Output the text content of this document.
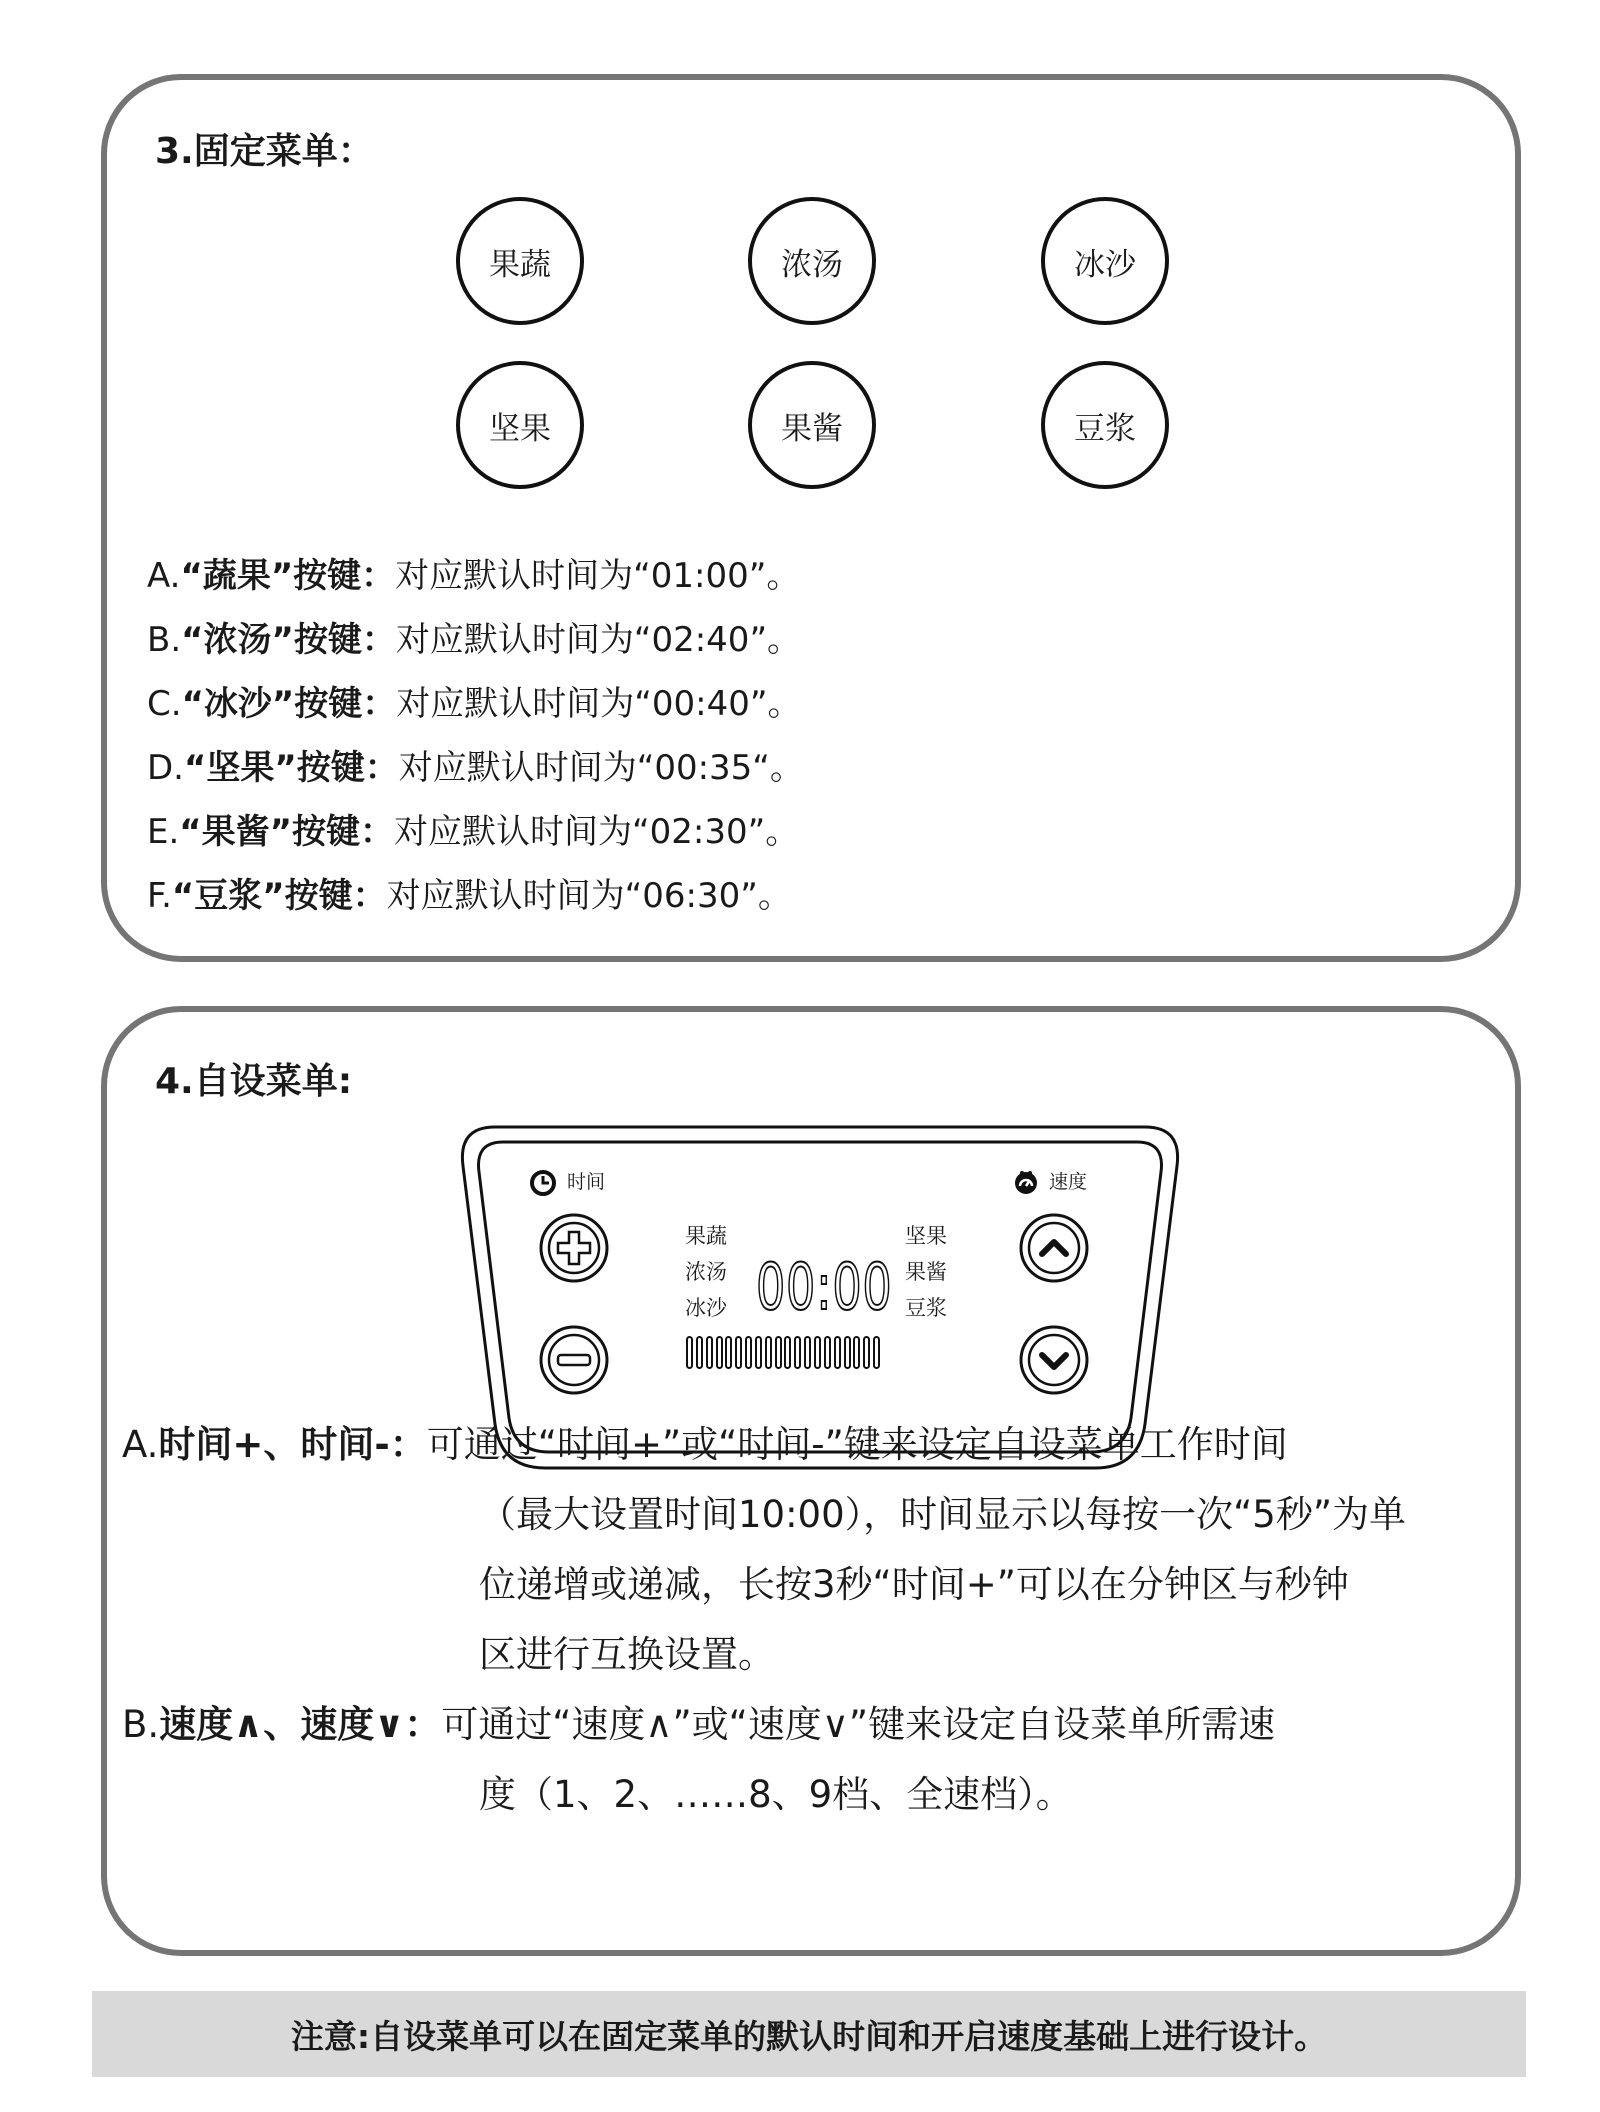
3.固定菜单：
果蔬	浓汤	冰沙
坚果	果酱	豆浆
A.“蔬果”按键：对应默认时间为“01:00”。
B.“浓汤”按键：对应默认时间为“02:40”。
C.“冰沙”按键：对应默认时间为“00:40”。
D.“坚果”按键：对应默认时间为“00:35“。
E.“果酱”按键：对应默认时间为“02:30”。
F.“豆浆”按键：对应默认时间为“06:30”。
4.自设菜单:
时间	速度
果蔬
浓汤
冰沙
坚果
果酱
豆浆
00:00
A.时间+、时间-：可通过“时间+”或“时间-”键来设定自设菜单工作时间
（最大设置时间10:00），时间显示以每按一次“5秒”为单
位递增或递减，长按3秒“时间+”可以在分钟区与秒钟
区进行互换设置。
B.速度∧、速度∨：可通过“速度∧”或“速度∨”键来设定自设菜单所需速
度（1、2、……8、9档、全速档）。
注意:自设菜单可以在固定菜单的默认时间和开启速度基础上进行设计。
